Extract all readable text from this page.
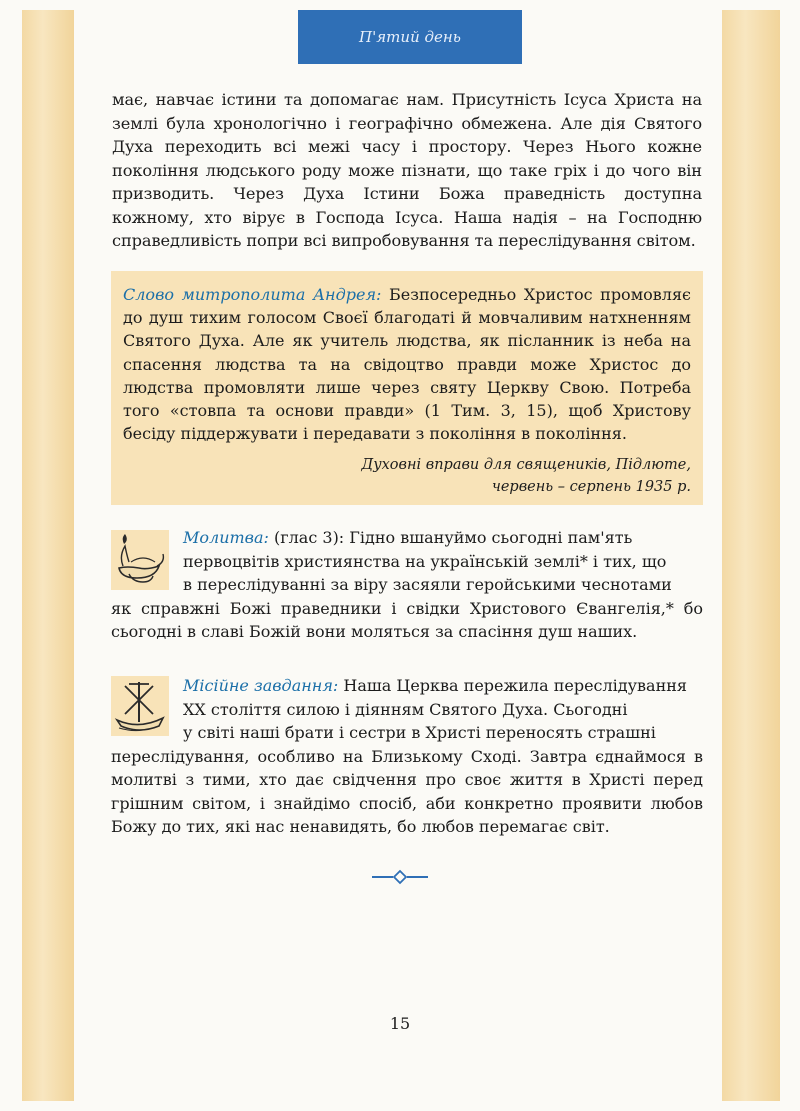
П'ятий день
має, навчає істини та допомагає нам. Присутність Ісуса Христа на землі була хронологічно і географічно обмежена. Але дія Святого Духа переходить всі межі часу і простору. Через Нього кожне покоління людського роду може пізнати, що таке гріх і до чого він призводить. Через Духа Істини Божа праведність доступна кожному, хто вірує в Господа Ісуса. Наша надія – на Господню справедливість попри всі випробовування та переслідування світом.
Слово митрополита Андрея: Безпосередньо Христос промовляє до душ тихим голосом Своєї благодаті й мовчаливим натхненням Святого Духа. Але як учитель людства, як післанник із неба на спасення людства та на свідоцтво правди може Христос до людства промовляти лише через святу Церкву Свою. Потреба того «стовпа та основи правди» (1 Тим. 3, 15), щоб Христову бесіду піддержувати і передавати з покоління в покоління.
Духовні вправи для священиків, Підлюте,
червень – серпень 1935 р.
Молитва: (глас 3): Гідно вшануймо сьогодні пам'ять
первоцвітів християнства на українській землі* і тих, що
в переслідуванні за віру засяяли геройськими чеснотами
як справжні Божі праведники і свідки Христового Євангелія,* бо сьогодні в славі Божій вони моляться за спасіння душ наших.
Місійне завдання: Наша Церква пережила переслідування
XX століття силою і діянням Святого Духа. Сьогодні
у світі наші брати і сестри в Христі переносять страшні
переслідування, особливо на Близькому Сході. Завтра єднаймося в молитві з тими, хто дає свідчення про своє життя в Христі перед грішним світом, і знайдімо спосіб, аби конкретно проявити любов Божу до тих, які нас ненавидять, бо любов перемагає світ.
15
